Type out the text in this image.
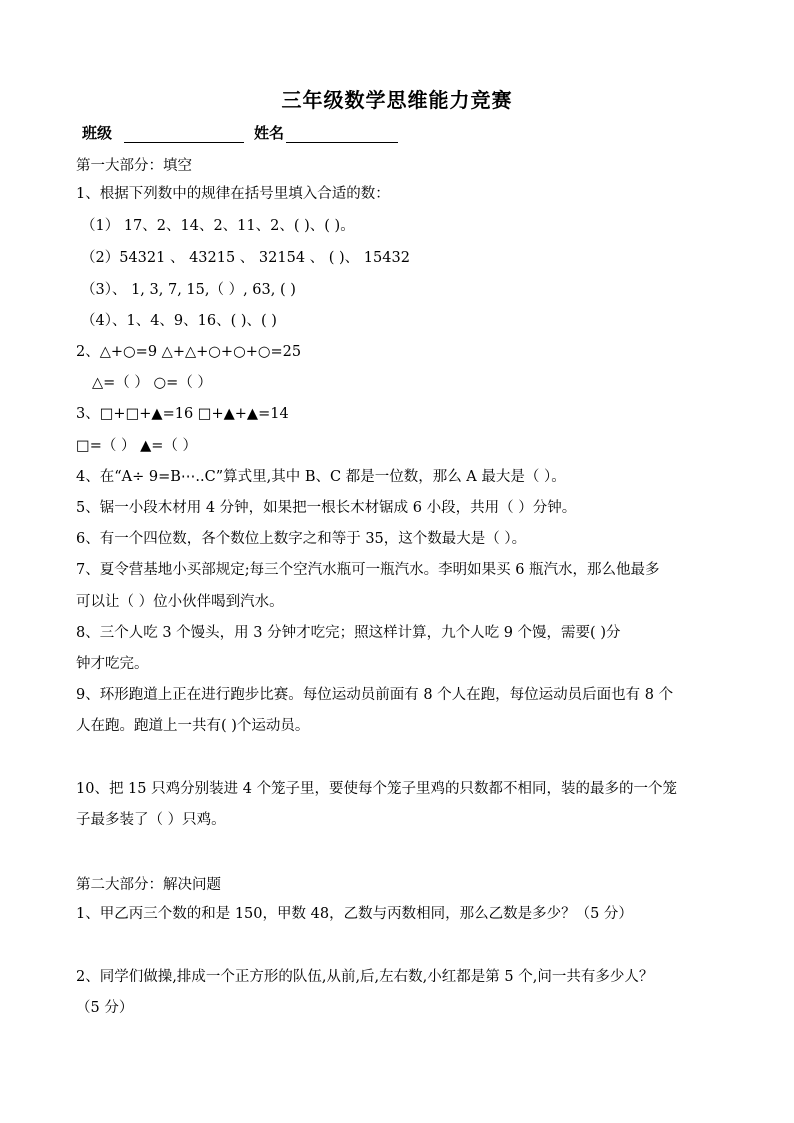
三年级数学思维能力竞赛
班级	姓名
第一大部分：填空
1、根据下列数中的规律在括号里填入合适的数：
（1） 17、2、14、2、11、2、( )、( )。
（2）54321 、 43215 、 32154 、 ( )、 15432
（3）、 1, 3, 7, 15,（ ）, 63, ( )
（4）、1、4、9、16、( )、( )
2、△+○=9 △+△+○+○+○=25
△=（ ） ○=（ ）
3、□+□+▲=16 □+▲+▲=14
□=（ ） ▲=（ ）
4、在“A÷ 9=B⋯..C”算式里,其中 B、C 都是一位数，那么 A 最大是（ ）。
5、锯一小段木材用 4 分钟，如果把一根长木材锯成 6 小段，共用（ ）分钟。
6、有一个四位数，各个数位上数字之和等于 35，这个数最大是（ ）。
7、夏令营基地小买部规定;每三个空汽水瓶可一瓶汽水。李明如果买 6 瓶汽水，那么他最多
可以让（ ）位小伙伴喝到汽水。
8、三个人吃 3 个馒头，用 3 分钟才吃完；照这样计算，九个人吃 9 个馒，需要( )分
钟才吃完。
9、环形跑道上正在进行跑步比赛。每位运动员前面有 8 个人在跑，每位运动员后面也有 8 个
人在跑。跑道上一共有( )个运动员。
10、把 15 只鸡分别装进 4 个笼子里，要使每个笼子里鸡的只数都不相同，装的最多的一个笼
子最多装了（ ）只鸡。
第二大部分：解决问题
1、甲乙丙三个数的和是 150，甲数 48，乙数与丙数相同，那么乙数是多少？（5 分）
2、同学们做操,排成一个正方形的队伍,从前,后,左右数,小红都是第 5 个,问一共有多少人？
（5 分）
